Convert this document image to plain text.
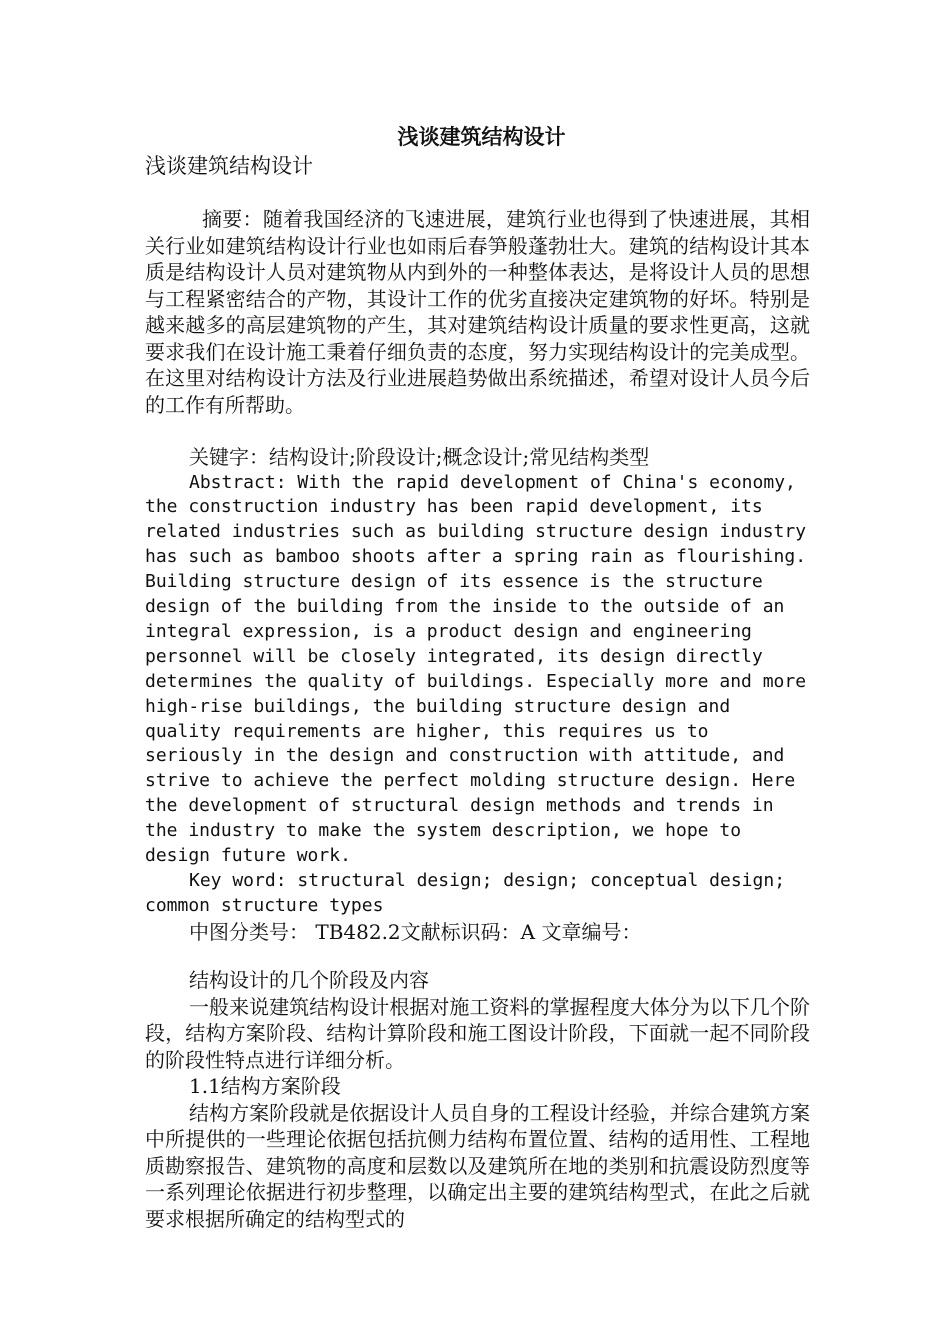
浅谈建筑结构设计

浅谈建筑结构设计

摘要：随着我国经济的飞速进展，建筑行业也得到了快速进展，其相关行业如建筑结构设计行业也如雨后春笋般蓬勃壮大。建筑的结构设计其本质是结构设计人员对建筑物从内到外的一种整体表达，是将设计人员的思想与工程紧密结合的产物，其设计工作的优劣直接决定建筑物的好坏。特别是越来越多的高层建筑物的产生，其对建筑结构设计质量的要求性更高，这就要求我们在设计施工秉着仔细负责的态度，努力实现结构设计的完美成型。在这里对结构设计方法及行业进展趋势做出系统描述，希望对设计人员今后的工作有所帮助。

关键字：结构设计;阶段设计;概念设计;常见结构类型

Abstract: With the rapid development of China's economy, the construction industry has been rapid development, its related industries such as building structure design industry has such as bamboo shoots after a spring rain as flourishing. Building structure design of its essence is the structure design of the building from the inside to the outside of an integral expression, is a product design and engineering personnel will be closely integrated, its design directly determines the quality of buildings. Especially more and more high-rise buildings, the building structure design and quality requirements are higher, this requires us to seriously in the design and construction with attitude, and strive to achieve the perfect molding structure design. Here the development of structural design methods and trends in the industry to make the system description, we hope to design future work.

Key word: structural design; design; conceptual design; common structure types

中图分类号： TB482.2文献标识码：A 文章编号：

结构设计的几个阶段及内容

一般来说建筑结构设计根据对施工资料的掌握程度大体分为以下几个阶段，结构方案阶段、结构计算阶段和施工图设计阶段，下面就一起不同阶段的阶段性特点进行详细分析。

1.1结构方案阶段

结构方案阶段就是依据设计人员自身的工程设计经验，并综合建筑方案中所提供的一些理论依据包括抗侧力结构布置位置、结构的适用性、工程地质勘察报告、建筑物的高度和层数以及建筑所在地的类别和抗震设防烈度等一系列理论依据进行初步整理，以确定出主要的建筑结构型式，在此之后就要求根据所确定的结构型式的
